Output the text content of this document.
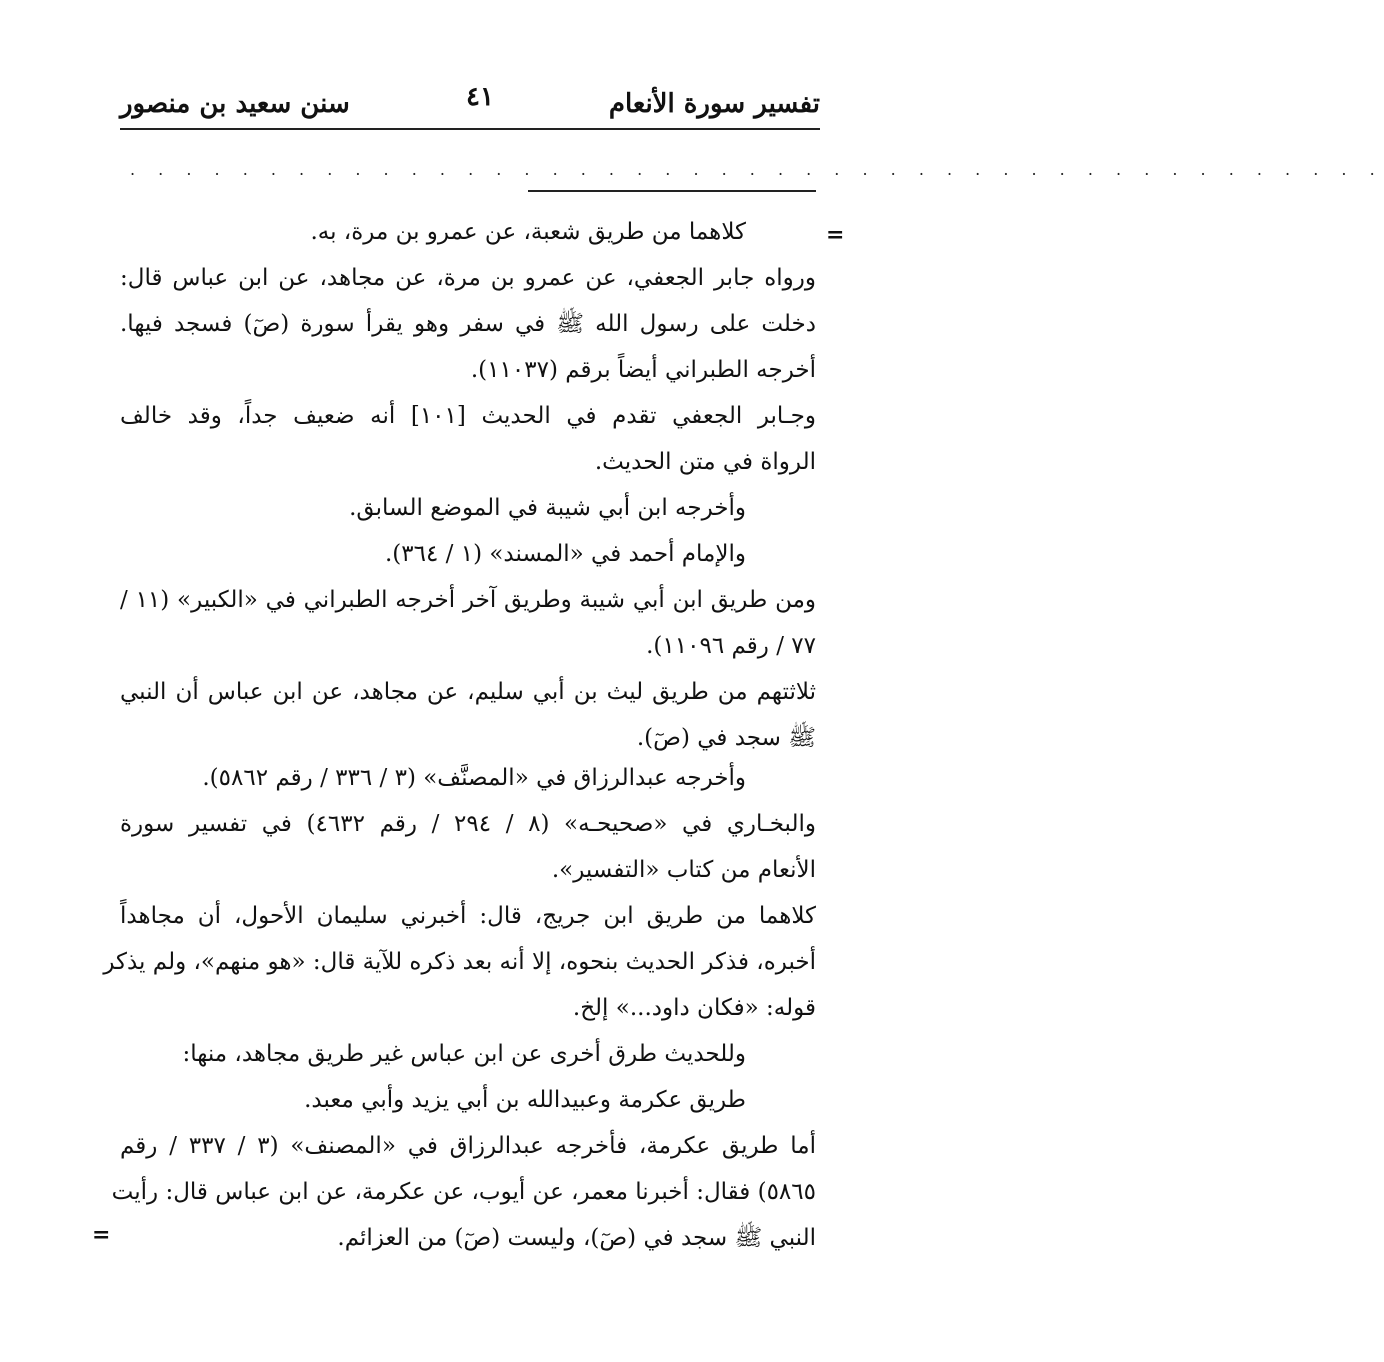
تفسير سورة الأنعام
٤١
سنن سعيد بن منصور
. . . . . . . . . . . . . . . . . . . . . . . . . . . . . . . . . . . . . . . . . . . . .
=
=
كلاهما من طريق شعبة، عن عمرو بن مرة، به.
ورواه جابر الجعفي، عن عمرو بن مرة، عن مجاهد، عن ابن عباس قال:
دخلت على رسول الله ﷺ في سفر وهو يقرأ سورة (صٓ) فسجد فيها.
أخرجه الطبراني أيضاً برقم (١١٠٣٧).
وجـابر الجعفي تقدم في الحديث [١٠١] أنه ضعيف جداً، وقد خالف
الرواة في متن الحديث.
وأخرجه ابن أبي شيبة في الموضع السابق.
والإمام أحمد في «المسند» (١ / ٣٦٤).
ومن طريق ابن أبي شيبة وطريق آخر أخرجه الطبراني في «الكبير» (١١ /
٧٧ / رقم ١١٠٩٦).
ثلاثتهم من طريق ليث بن أبي سليم، عن مجاهد، عن ابن عباس أن النبي
ﷺ سجد في (صٓ).
وأخرجه عبدالرزاق في «المصنَّف» (٣ / ٣٣٦ / رقم ٥٨٦٢).
والبخـاري في «صحيحـه» (٨ / ٢٩٤ / رقم ٤٦٣٢) في تفسير سورة
الأنعام من كتاب «التفسير».
كلاهما من طريق ابن جريج، قال: أخبرني سليمان الأحول، أن مجاهداً
أخبره، فذكر الحديث بنحوه، إلا أنه بعد ذكره للآية قال: «هو منهم»، ولم يذكر
قوله: «فكان داود...» إلخ.
وللحديث طرق أخرى عن ابن عباس غير طريق مجاهد، منها:
طريق عكرمة وعبيدالله بن أبي يزيد وأبي معبد.
أما طريق عكرمة، فأخرجه عبدالرزاق في «المصنف» (٣ / ٣٣٧ / رقم
٥٨٦٥) فقال: أخبرنا معمر، عن أيوب، عن عكرمة، عن ابن عباس قال: رأيت
النبي ﷺ سجد في (صٓ)، وليست (صٓ) من العزائم.
